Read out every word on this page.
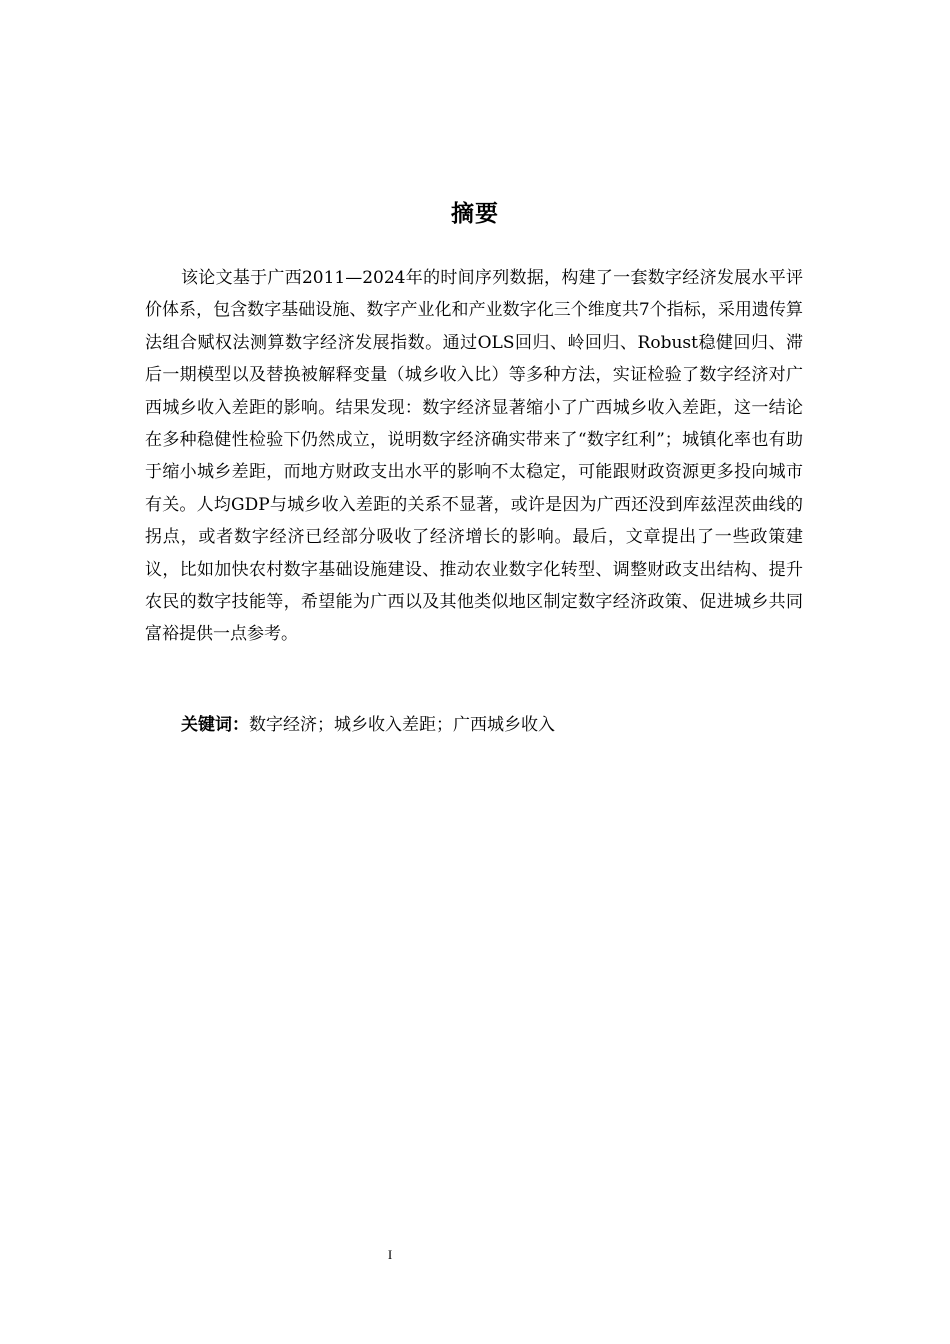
摘要

该论文基于广西2011—2024年的时间序列数据，构建了一套数字经济发展水平评价体系，包含数字基础设施、数字产业化和产业数字化三个维度共7个指标，采用遗传算法组合赋权法测算数字经济发展指数。通过OLS回归、岭回归、Robust稳健回归、滞后一期模型以及替换被解释变量（城乡收入比）等多种方法，实证检验了数字经济对广西城乡收入差距的影响。结果发现：数字经济显著缩小了广西城乡收入差距，这一结论在多种稳健性检验下仍然成立，说明数字经济确实带来了“数字红利”；城镇化率也有助于缩小城乡差距，而地方财政支出水平的影响不太稳定，可能跟财政资源更多投向城市有关。人均GDP与城乡收入差距的关系不显著，或许是因为广西还没到库兹涅茨曲线的拐点，或者数字经济已经部分吸收了经济增长的影响。最后，文章提出了一些政策建议，比如加快农村数字基础设施建设、推动农业数字化转型、调整财政支出结构、提升农民的数字技能等，希望能为广西以及其他类似地区制定数字经济政策、促进城乡共同富裕提供一点参考。

关键词：数字经济；城乡收入差距；广西城乡收入

I
